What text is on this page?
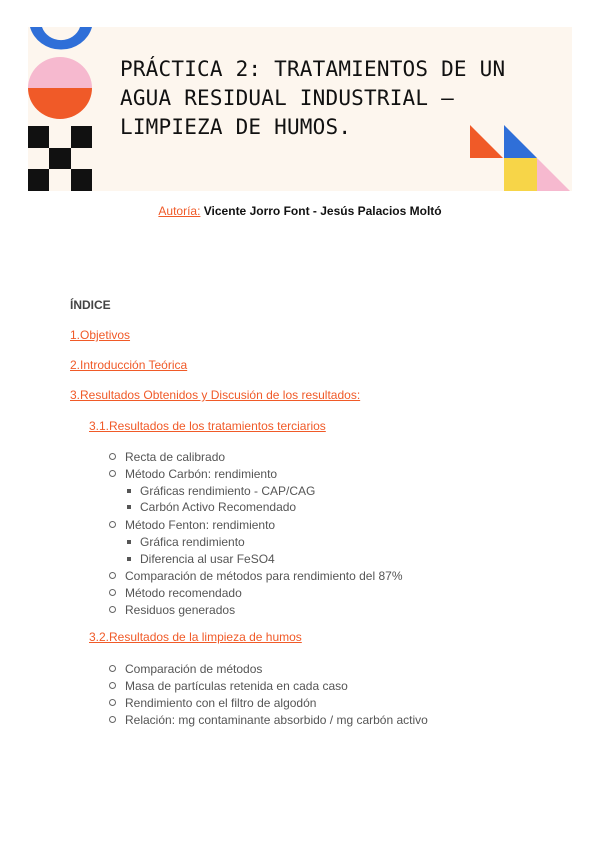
PRÁCTICA 2: TRATAMIENTOS DE UN AGUA RESIDUAL INDUSTRIAL – LIMPIEZA DE HUMOS.
Autoría: Vicente Jorro Font - Jesús Palacios Moltó
ÍNDICE
1.Objetivos
2.Introducción Teórica
3.Resultados Obtenidos y Discusión de los resultados:
3.1.Resultados de los tratamientos terciarios
Recta de calibrado
Método Carbón: rendimiento
Gráficas rendimiento - CAP/CAG
Carbón Activo Recomendado
Método Fenton: rendimiento
Gráfica rendimiento
Diferencia al usar FeSO4
Comparación de métodos para rendimiento del 87%
Método recomendado
Residuos generados
3.2.Resultados de la limpieza de humos
Comparación de métodos
Masa de partículas retenida en cada caso
Rendimiento con el filtro de algodón
Relación: mg contaminante absorbido / mg carbón activo
